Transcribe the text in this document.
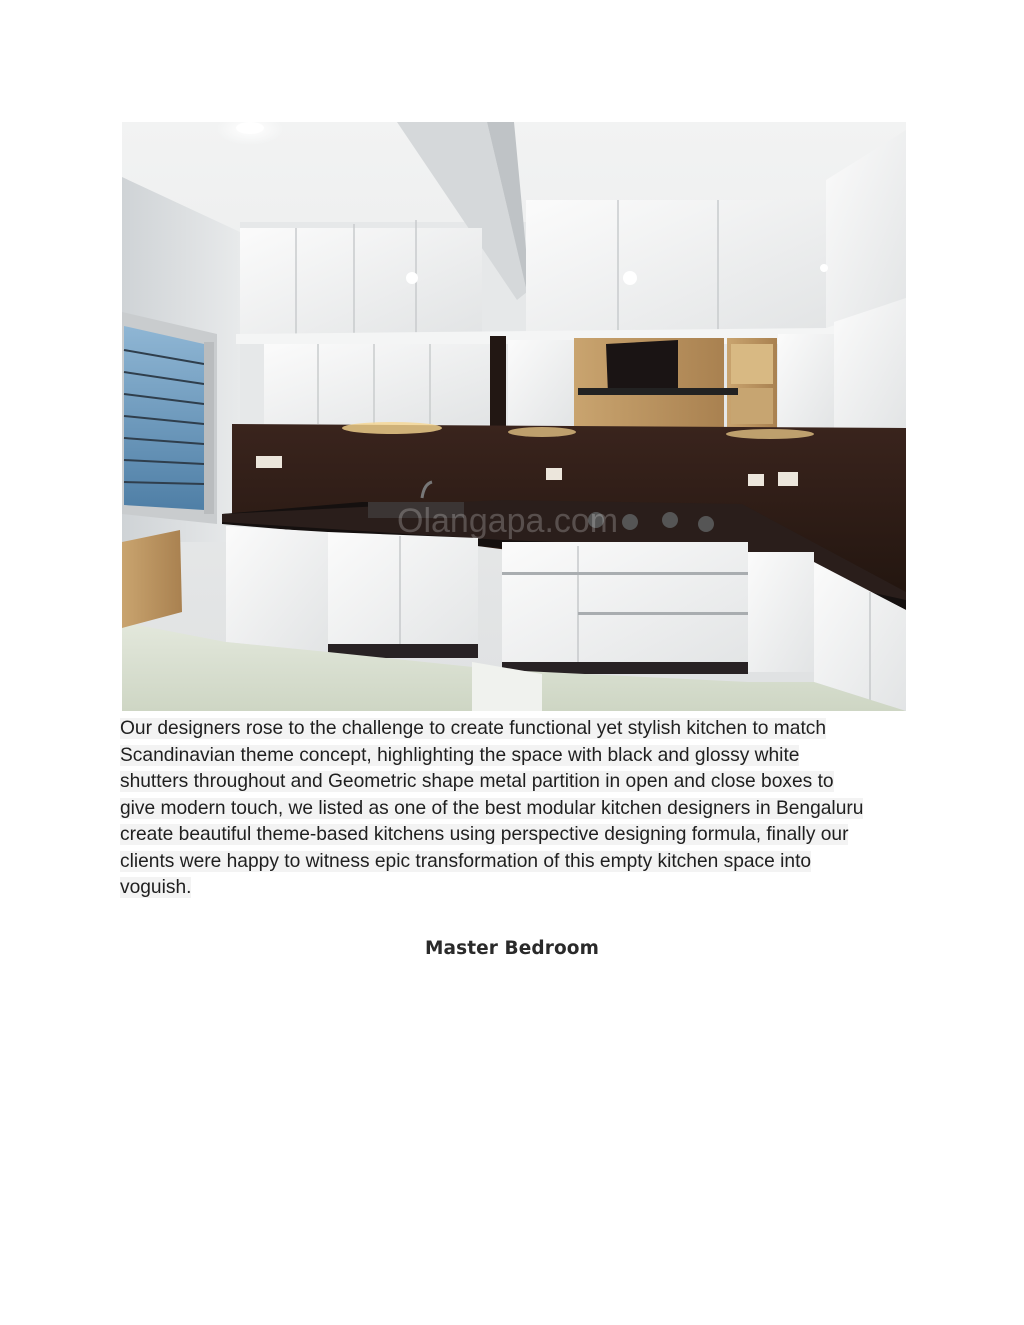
Olangapa.com
Our designers rose to the challenge to create functional yet stylish kitchen to match
Scandinavian theme concept, highlighting the space with black and glossy white
shutters throughout and Geometric shape metal partition in open and close boxes to
give modern touch, we listed as one of the best modular kitchen designers in Bengaluru
create beautiful theme-based kitchens using perspective designing formula, finally our
clients were happy to witness epic transformation of this empty kitchen space into
voguish.
Master Bedroom
